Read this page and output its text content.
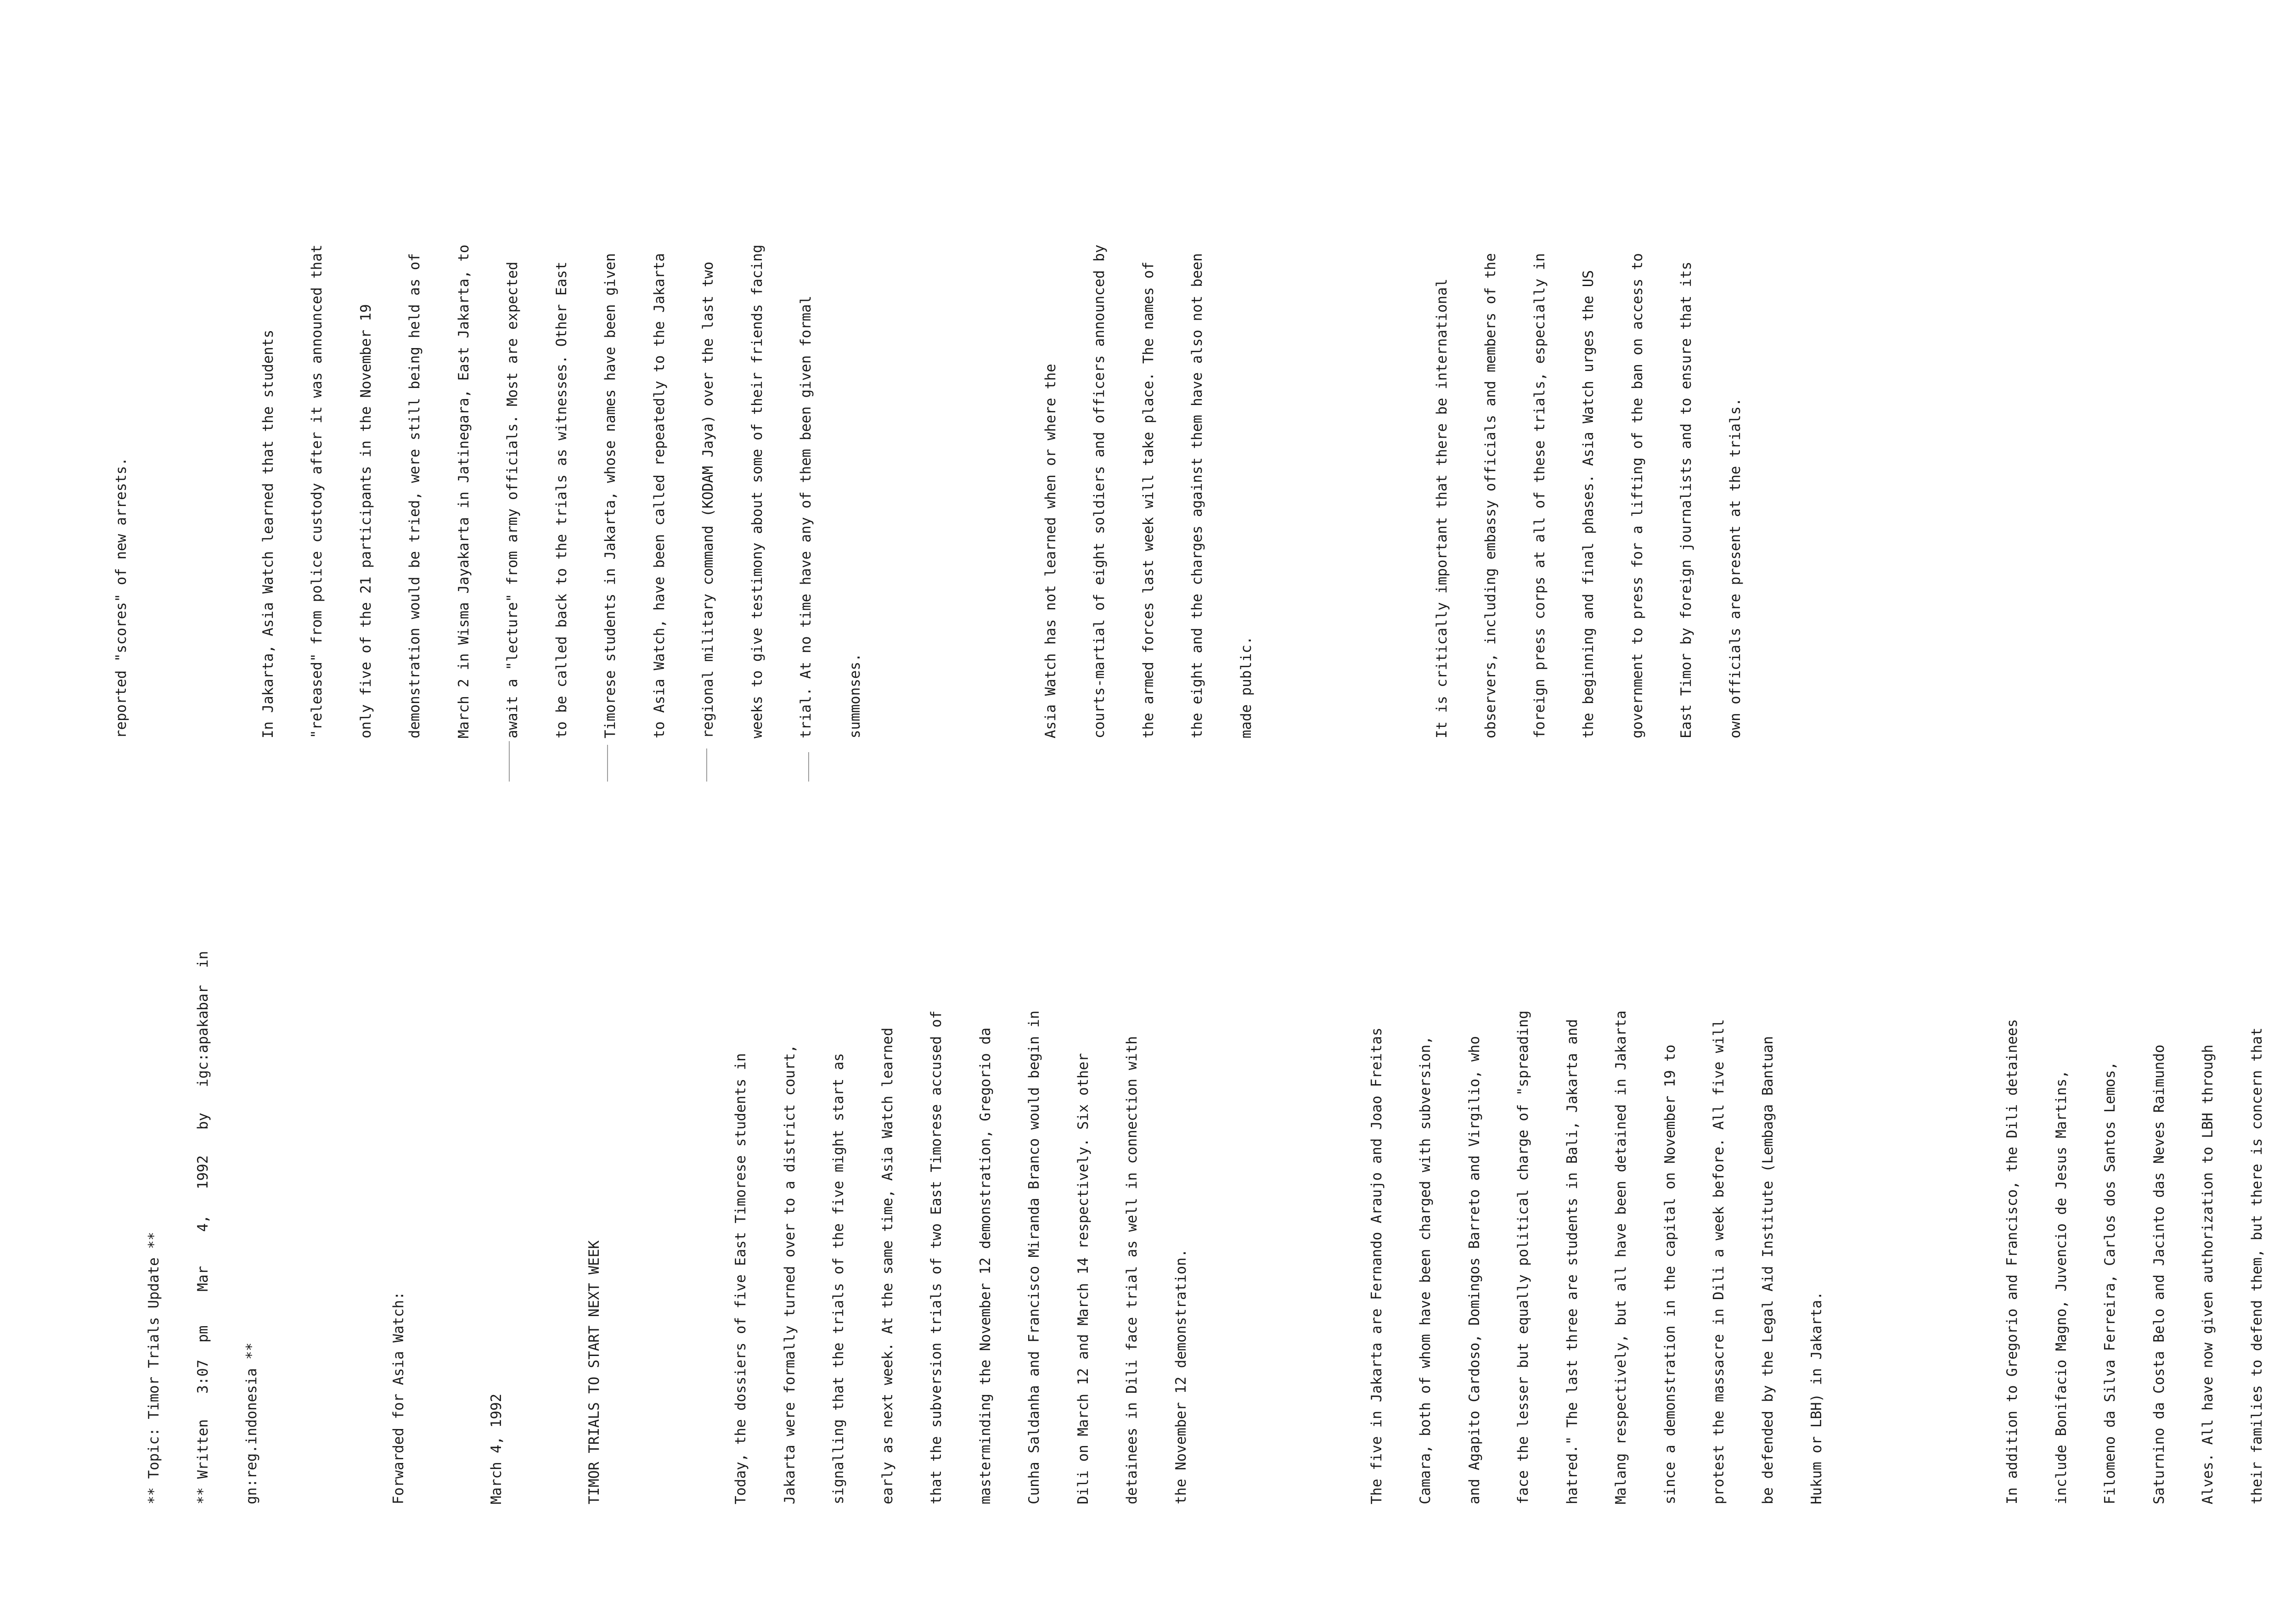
** Topic: Timor Trials Update **

** Written   3:07  pm    Mar    4,   1992   by   igc:apakabar  in

gn:reg.indonesia **

	Forwarded for Asia Watch:

	March 4, 1992

	TIMOR TRIALS TO START NEXT WEEK

	Today, the dossiers of five East Timorese students in

Jakarta were formally turned over to a district court,

signalling that the trials of the five might start as

early as next week. At the same time, Asia Watch learned

that the subversion trials of two East Timorese accused of

masterminding the November 12 demonstration, Gregorio da

Cunha Saldanha and Francisco Miranda Branco would begin in

Dili on March 12 and March 14 respectively. Six other

detainees in Dili face trial as well in connection with

the November 12 demonstration.

	The five in Jakarta are Fernando Araujo and Joao Freitas

Camara, both of whom have been charged with subversion,

and Agapito Cardoso, Domingos Barreto and Virgilio, who

face the lesser but equally political charge of "spreading

hatred." The last three are students in Bali, Jakarta and

Malang respectively, but all have been detained in Jakarta

since a demonstration in the capital on November 19 to

protest the massacre in Dili a week before. All five will

be defended by the Legal Aid Institute (Lembaga Bantuan

Hukum or LBH) in Jakarta.

	In addition to Gregorio and Francisco, the Dili detainees

include Bonifacio Magno, Juvencio de Jesus Martins,

Filomeno da Silva Ferreira, Carlos dos Santos Lemos,

Saturnino da Costa Belo and Jacinto das Neves Raimundo

Alves. All have now given authorization to LBH through

their families to defend them, but there is concern that

reported "scores" of new arrests.

	In Jakarta, Asia Watch learned that the students

"released" from police custody after it was announced that

only five of the 21 participants in the November 19

demonstration would be tried, were still being held as of

March 2 in Wisma Jayakarta in Jatinegara, East Jakarta, to

await a "lecture" from army officials. Most are expected

to be called back to the trials as witnesses. Other East

Timorese students in Jakarta, whose names have been given

to Asia Watch, have been called repeatedly to the Jakarta

regional military command (KODAM Jaya) over the last two

weeks to give testimony about some of their friends facing

trial. At no time have any of them been given formal

summonses.

	Asia Watch has not learned when or where the

courts-martial of eight soldiers and officers announced by

the armed forces last week will take place. The names of

the eight and the charges against them have also not been

made public.

	It is critically important that there be international

observers, including embassy officials and members of the

foreign press corps at all of these trials, especially in

the beginning and final phases. Asia Watch urges the US

government to press for a lifting of the ban on access to

East Timor by foreign journalists and to ensure that its

own officials are present at the trials.
